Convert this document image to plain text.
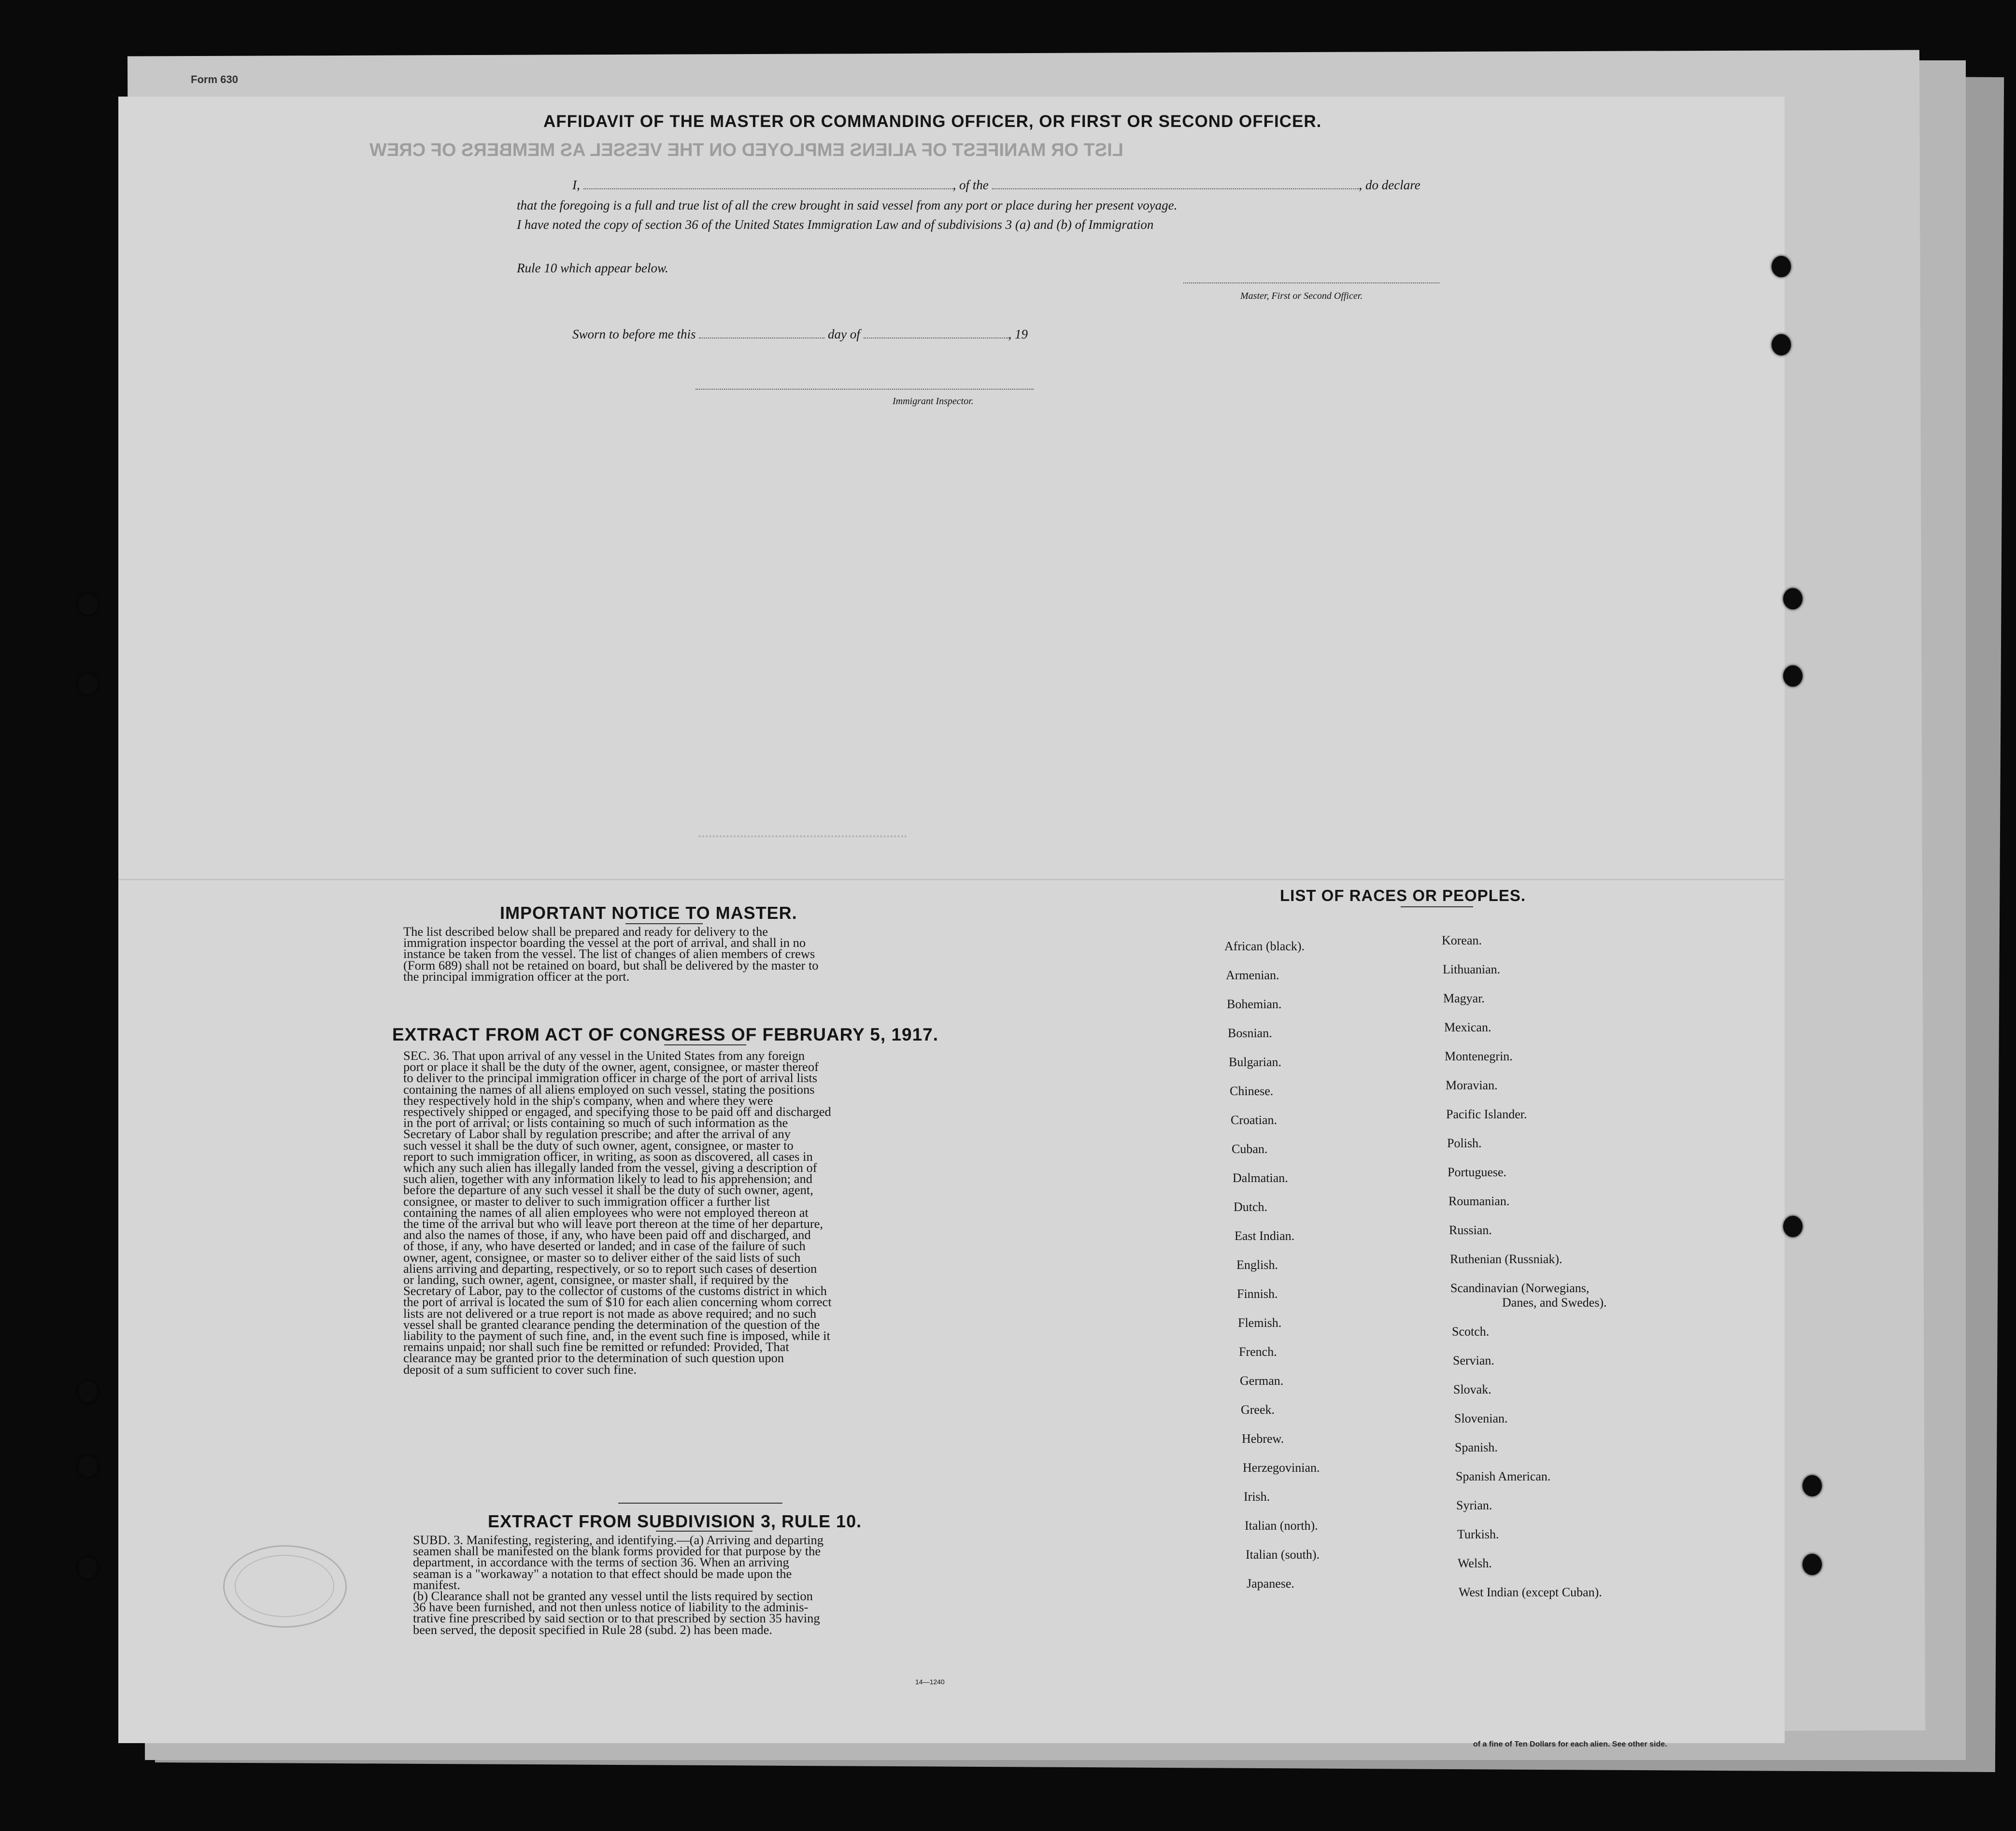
Form 630
LIST OR MANIFEST OF ALIENS EMPLOYED ON THE VESSEL AS MEMBERS OF CREW
............................................................
AFFIDAVIT OF THE MASTER OR COMMANDING OFFICER, OR FIRST OR SECOND OFFICER.
I,	, of the	, do declare
that the foregoing is a full and true list of all the crew brought in said vessel from any port or place during her present voyage.
I have noted the copy of section 36 of the United States Immigration Law and of subdivisions 3 (a) and (b) of Immigration
Rule 10 which appear below.
Master, First or Second Officer.
Sworn to before me this	day of	, 19
Immigrant Inspector.
IMPORTANT NOTICE TO MASTER.
The list described below shall be prepared and ready for delivery to the
immigration inspector boarding the vessel at the port of arrival, and shall in no
instance be taken from the vessel. The list of changes of alien members of crews
(Form 689) shall not be retained on board, but shall be delivered by the master to
the principal immigration officer at the port.
EXTRACT FROM ACT OF CONGRESS OF FEBRUARY 5, 1917.
SEC. 36. That upon arrival of any vessel in the United States from any foreign
port or place it shall be the duty of the owner, agent, consignee, or master thereof
to deliver to the principal immigration officer in charge of the port of arrival lists
containing the names of all aliens employed on such vessel, stating the positions
they respectively hold in the ship's company, when and where they were
respectively shipped or engaged, and specifying those to be paid off and discharged
in the port of arrival; or lists containing so much of such information as the
Secretary of Labor shall by regulation prescribe; and after the arrival of any
such vessel it shall be the duty of such owner, agent, consignee, or master to
report to such immigration officer, in writing, as soon as discovered, all cases in
which any such alien has illegally landed from the vessel, giving a description of
such alien, together with any information likely to lead to his apprehension; and
before the departure of any such vessel it shall be the duty of such owner, agent,
consignee, or master to deliver to such immigration officer a further list
containing the names of all alien employees who were not employed thereon at
the time of the arrival but who will leave port thereon at the time of her departure,
and also the names of those, if any, who have been paid off and discharged, and
of those, if any, who have deserted or landed; and in case of the failure of such
owner, agent, consignee, or master so to deliver either of the said lists of such
aliens arriving and departing, respectively, or so to report such cases of desertion
or landing, such owner, agent, consignee, or master shall, if required by the
Secretary of Labor, pay to the collector of customs of the customs district in which
the port of arrival is located the sum of $10 for each alien concerning whom correct
lists are not delivered or a true report is not made as above required; and no such
vessel shall be granted clearance pending the determination of the question of the
liability to the payment of such fine, and, in the event such fine is imposed, while it
remains unpaid; nor shall such fine be remitted or refunded: Provided, That
clearance may be granted prior to the determination of such question upon
deposit of a sum sufficient to cover such fine.
EXTRACT FROM SUBDIVISION 3, RULE 10.
SUBD. 3. Manifesting, registering, and identifying.—(a) Arriving and departing
seamen shall be manifested on the blank forms provided for that purpose by the
department, in accordance with the terms of section 36. When an arriving
seaman is a "workaway" a notation to that effect should be made upon the
manifest.
(b) Clearance shall not be granted any vessel until the lists required by section
36 have been furnished, and not then unless notice of liability to the adminis-
trative fine prescribed by said section or to that prescribed by section 35 having
been served, the deposit specified in Rule 28 (subd. 2) has been made.
14—1240
LIST OF RACES OR PEOPLES.
African (black).
Armenian.
Bohemian.
Bosnian.
Bulgarian.
Chinese.
Croatian.
Cuban.
Dalmatian.
Dutch.
East Indian.
English.
Finnish.
Flemish.
French.
German.
Greek.
Hebrew.
Herzegovinian.
Irish.
Italian (north).
Italian (south).
Japanese.
Korean.
Lithuanian.
Magyar.
Mexican.
Montenegrin.
Moravian.
Pacific Islander.
Polish.
Portuguese.
Roumanian.
Russian.
Ruthenian (Russniak).
Scandinavian (Norwegians,
Danes, and Swedes).
Scotch.
Servian.
Slovak.
Slovenian.
Spanish.
Spanish American.
Syrian.
Turkish.
Welsh.
West Indian (except Cuban).
of a fine of Ten Dollars for each alien. See other side.
